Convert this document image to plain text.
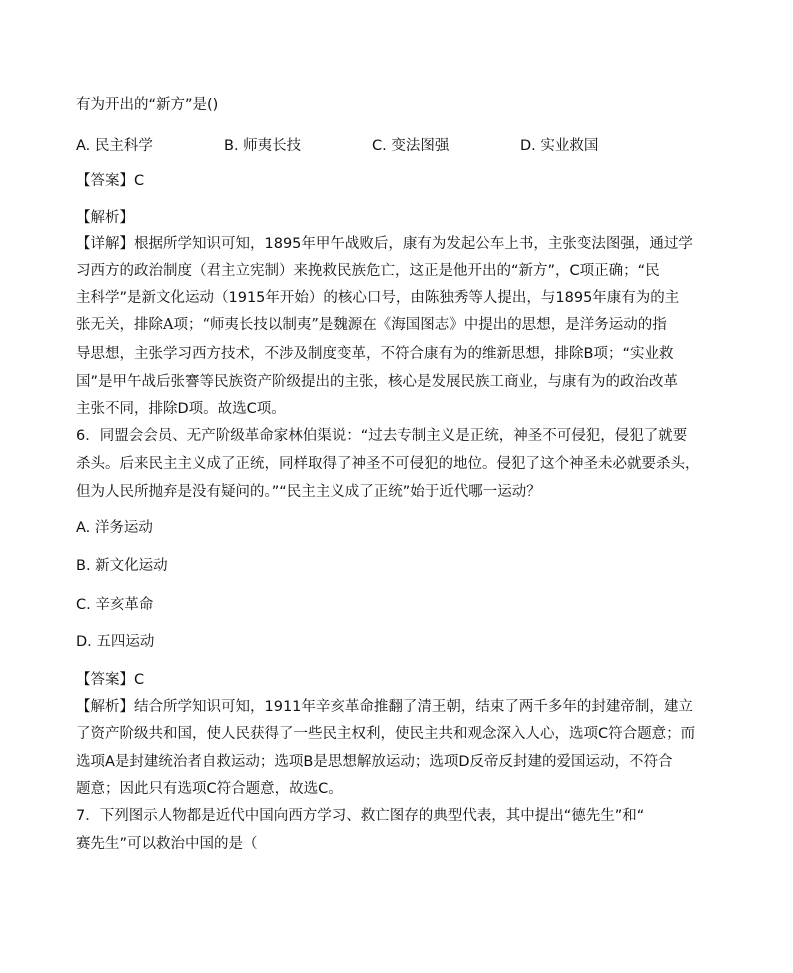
有为开出的“新方”是()
A. 民主科学	B. 师夷长技	C. 变法图强	D. 实业救国
【答案】C
【解析】
【详解】根据所学知识可知，1895年甲午战败后，康有为发起公车上书，主张变法图强，通过学
习西方的政治制度（君主立宪制）来挽救民族危亡，这正是他开出的“新方”，C项正确；“民
主科学”是新文化运动（1915年开始）的核心口号，由陈独秀等人提出，与1895年康有为的主
张无关，排除A项；“师夷长技以制夷”是魏源在《海国图志》中提出的思想，是洋务运动的指
导思想，主张学习西方技术，不涉及制度变革，不符合康有为的维新思想，排除B项；“实业救
国”是甲午战后张謇等民族资产阶级提出的主张，核心是发展民族工商业，与康有为的政治改革
主张不同，排除D项。故选C项。
6．同盟会会员、无产阶级革命家林伯渠说：“过去专制主义是正统，神圣不可侵犯，侵犯了就要
杀头。后来民主主义成了正统，同样取得了神圣不可侵犯的地位。侵犯了这个神圣未必就要杀头，
但为人民所抛弃是没有疑问的。”“民主主义成了正统”始于近代哪一运动？
A. 洋务运动
B. 新文化运动
C. 辛亥革命
D. 五四运动
【答案】C
【解析】结合所学知识可知，1911年辛亥革命推翻了清王朝，结束了两千多年的封建帝制，建立
了资产阶级共和国，使人民获得了一些民主权利，使民主共和观念深入人心，选项C符合题意；而
选项A是封建统治者自救运动；选项B是思想解放运动；选项D反帝反封建的爱国运动，不符合
题意；因此只有选项C符合题意，故选C。
7．下列图示人物都是近代中国向西方学习、救亡图存的典型代表，其中提出“德先生”和“
赛先生”可以救治中国的是（
